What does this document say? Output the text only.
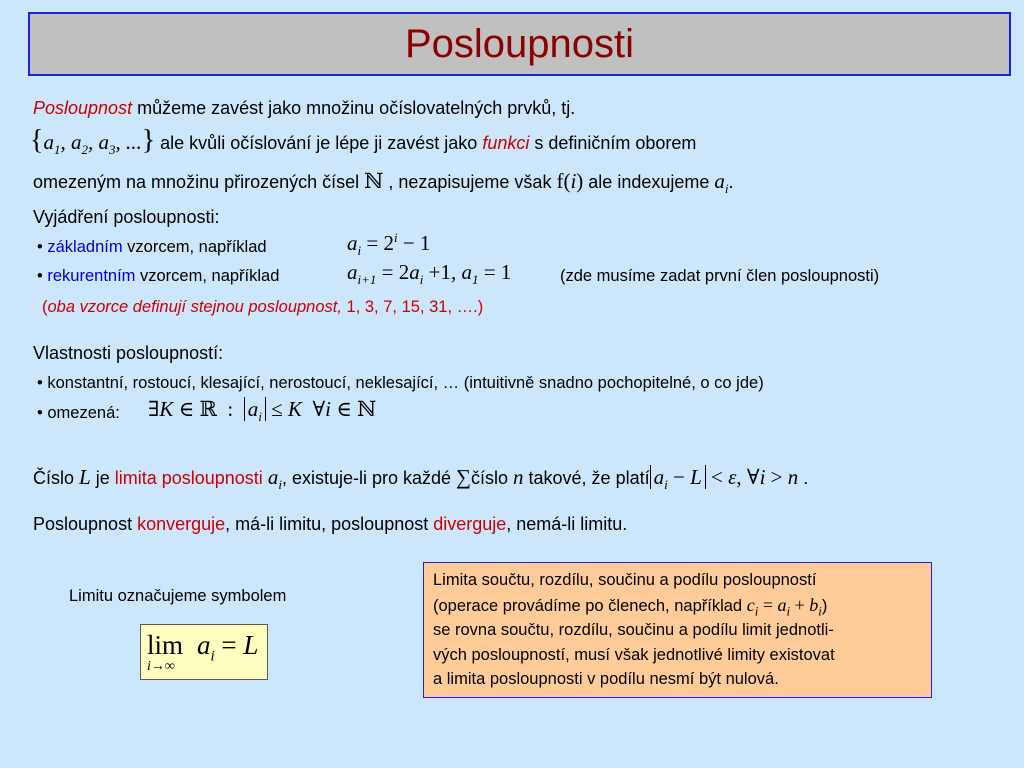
Posloupnosti
Posloupnost můžeme zavést jako množinu očíslovatelných prvků, tj.
{$a_1$, $a_2$, $a_3$, ...} ale kvůli očíslování je lépe ji zavést jako funkci s definičním oborem
omezeným na množinu přirozených čísel ℕ , nezapisujeme však f(i) ale indexujeme $a_i$.
Vyjádření posloupnosti:
• základním vzorcem, například	$a_i = 2^i - 1$
• rekurentním vzorcem, například	$a_{i+1} = 2a_i +1$, $a_1 = 1$	(zde musíme zadat první člen posloupnosti)
(oba vzorce definují stejnou posloupnost, 1, 3, 7, 15, 31, ….)
Vlastnosti posloupností:
• konstantní, rostoucí, klesající, nerostoucí, neklesající, … (intuitivně snadno pochopitelné, o co jde)
• omezená: ∃K ∈ ℝ : $a_i \le K$  ∀i ∈ ℕ
Číslo L je limita posloupnosti $a_i$, existuje-li pro každé ∑číslo n takové, že platí $a_i - L < \varepsilon$, ∀i > n .
Posloupnost konverguje, má-li limitu, posloupnost diverguje, nemá-li limitu.
Limitu označujeme symbolem
lim
i→∞
$a_i = L$
Limita součtu, rozdílu, součinu a podílu posloupností
(operace provádíme po členech, například $c_i = a_i + b_i$)
se rovna součtu, rozdílu, součinu a podílu limit jednotli-
vých posloupností, musí však jednotlivé limity existovat
a limita posloupnosti v podílu nesmí být nulová.
